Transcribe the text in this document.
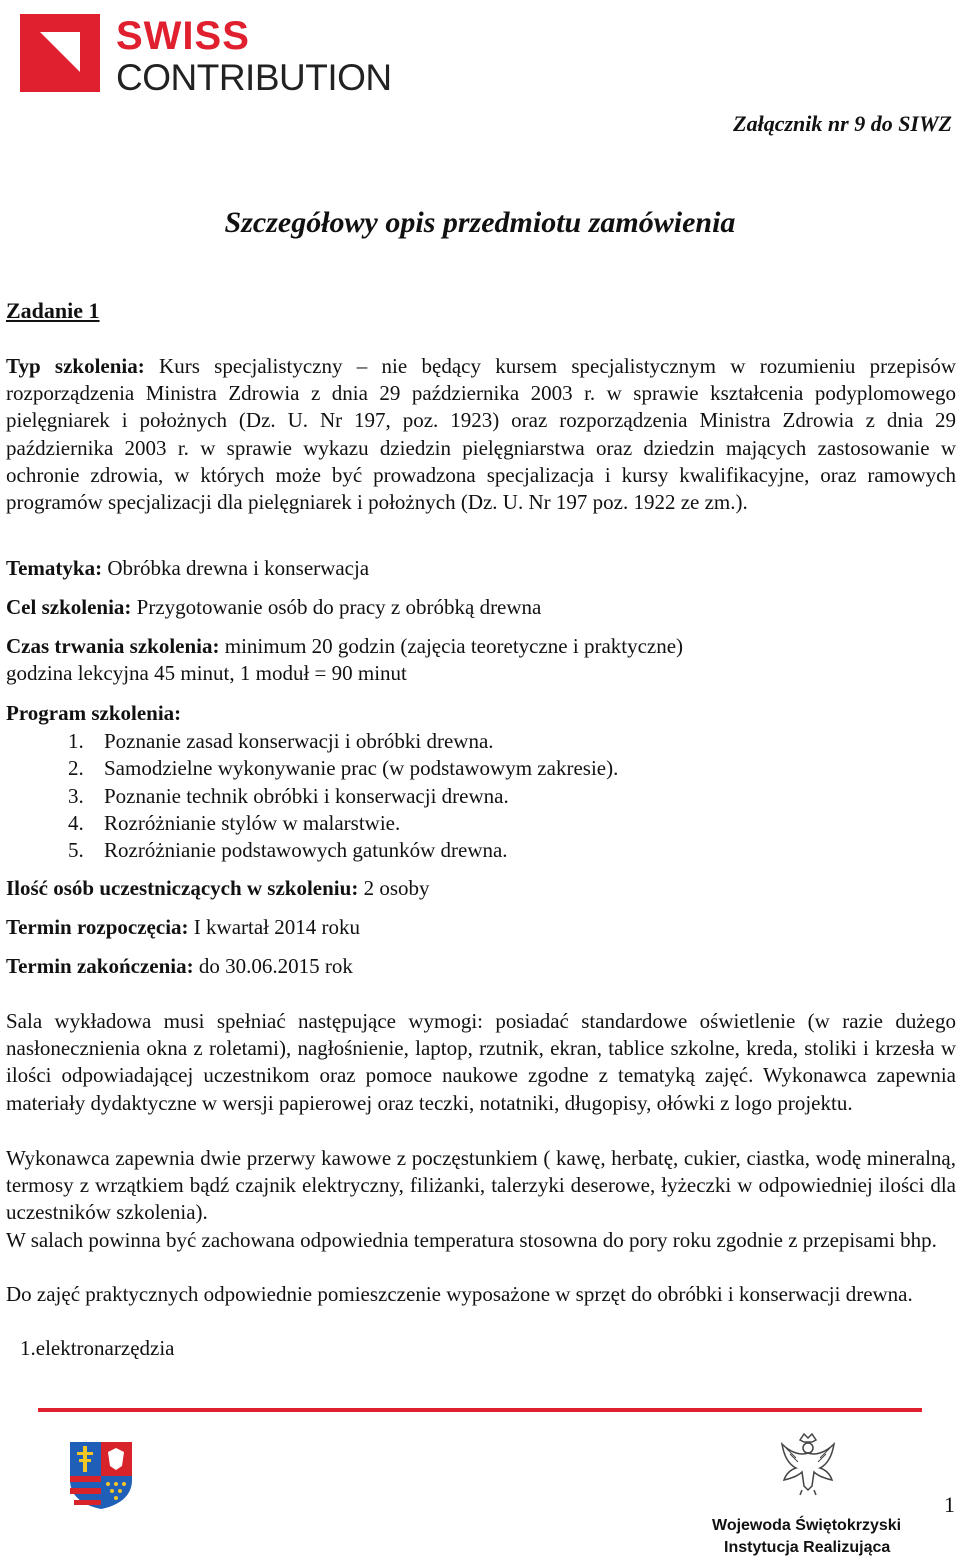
SWISS
CONTRIBUTION
Załącznik nr 9 do SIWZ
Szczegółowy opis przedmiotu zamówienia
Zadanie 1
Typ szkolenia: Kurs specjalistyczny – nie będący kursem specjalistycznym w rozumieniu przepisów rozporządzenia Ministra Zdrowia z dnia 29 października 2003 r. w sprawie kształcenia podyplomowego pielęgniarek i położnych (Dz. U. Nr 197, poz. 1923) oraz rozporządzenia Ministra Zdrowia z dnia 29 października 2003 r. w sprawie wykazu dziedzin pielęgniarstwa oraz dziedzin mających zastosowanie w ochronie zdrowia, w których może być prowadzona specjalizacja i kursy kwalifikacyjne, oraz ramowych programów specjalizacji dla pielęgniarek i położnych (Dz. U. Nr 197 poz. 1922 ze zm.).
Tematyka: Obróbka drewna i konserwacja
Cel szkolenia: Przygotowanie osób do pracy z obróbką drewna
Czas trwania szkolenia: minimum 20 godzin (zajęcia teoretyczne i praktyczne)
godzina lekcyjna 45 minut, 1 moduł = 90 minut
Program szkolenia:
1. Poznanie zasad konserwacji i obróbki drewna.
2. Samodzielne wykonywanie prac (w podstawowym zakresie).
3. Poznanie technik obróbki i konserwacji drewna.
4. Rozróżnianie stylów w malarstwie.
5. Rozróżnianie podstawowych gatunków drewna.
Ilość osób uczestniczących w szkoleniu: 2 osoby
Termin rozpoczęcia: I kwartał 2014 roku
Termin zakończenia: do 30.06.2015 rok
Sala wykładowa musi spełniać następujące wymogi: posiadać standardowe oświetlenie (w razie dużego nasłonecznienia okna z roletami), nagłośnienie, laptop, rzutnik, ekran, tablice szkolne, kreda, stoliki i krzesła w ilości odpowiadającej uczestnikom oraz pomoce naukowe zgodne z tematyką zajęć. Wykonawca zapewnia materiały dydaktyczne w wersji papierowej oraz teczki, notatniki, długopisy, ołówki z logo projektu.
Wykonawca zapewnia dwie przerwy kawowe z poczęstunkiem ( kawę, herbatę, cukier, ciastka, wodę mineralną, termosy z wrzątkiem bądź czajnik elektryczny, filiżanki, talerzyki deserowe, łyżeczki w odpowiedniej ilości dla uczestników szkolenia).
W salach powinna być zachowana odpowiednia temperatura stosowna do pory roku zgodnie z przepisami bhp.
Do zajęć praktycznych odpowiednie pomieszczenie wyposażone w sprzęt do obróbki i konserwacji drewna.
1.elektronarzędzia
Wojewoda Świętokrzyski
Instytucja Realizująca
1
